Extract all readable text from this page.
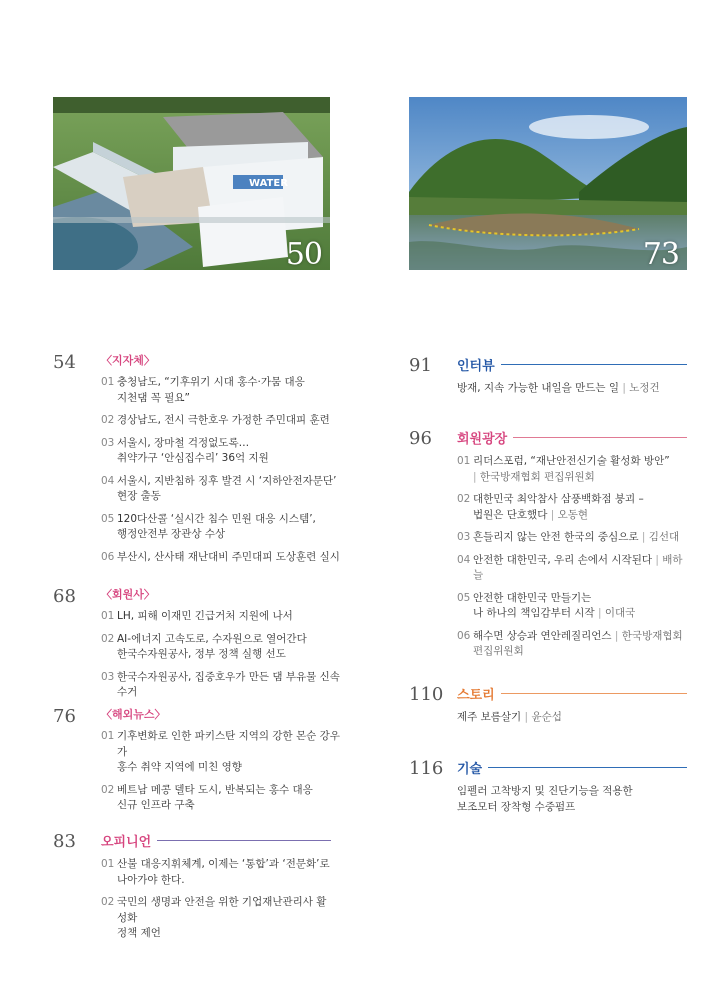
WATER
50	73
54 〈지자체〉
01 충청남도, “기후위기 시대 홍수·가뭄 대응
지천댐 꼭 필요”
02 경상남도, 전시 극한호우 가정한 주민대피 훈련
03 서울시, 장마철 걱정없도록…
취약가구 ‘안심집수리’ 36억 지원
04 서울시, 지반침하 징후 발견 시 ‘지하안전자문단’
현장 출동
05 120다산콜 ‘실시간 침수 민원 대응 시스템’,
행정안전부 장관상 수상
06 부산시, 산사태 재난대비 주민대피 도상훈련 실시
68 〈회원사〉
01 LH, 피해 이재민 긴급거처 지원에 나서
02 AI-에너지 고속도로, 수자원으로 열어간다
한국수자원공사, 정부 정책 실행 선도
03 한국수자원공사, 집중호우가 만든 댐 부유물 신속 수거
76 〈해외뉴스〉
01 기후변화로 인한 파키스탄 지역의 강한 몬순 강우가
홍수 취약 지역에 미친 영향
02 베트남 메콩 델타 도시, 반복되는 홍수 대응
신규 인프라 구축
83 오피니언
01 산불 대응지휘체계, 이제는 ‘통합’과 ‘전문화’로
나아가야 한다.
02 국민의 생명과 안전을 위한 기업재난관리사 활성화
정책 제언
91 인터뷰
방재, 지속 가능한 내일을 만드는 일 | 노정건
96 회원광장
01 리더스포럼, “재난안전신기술 활성화 방안”
| 한국방재협회 편집위원회
02 대한민국 최악참사 삼풍백화점 붕괴 –
법원은 단호했다 | 오동현
03 흔들리지 않는 안전 한국의 중심으로 | 김선대
04 안전한 대한민국, 우리 손에서 시작된다 | 배하늘
05 안전한 대한민국 만들기는
나 하나의 책임감부터 시작 | 이대국
06 해수면 상승과 연안레질리언스 | 한국방재협회
편집위원회
110 스토리
제주 보름살기 | 윤순섭
116 기술
임펠러 고착방지 및 진단기능을 적용한
보조모터 장착형 수중펌프
